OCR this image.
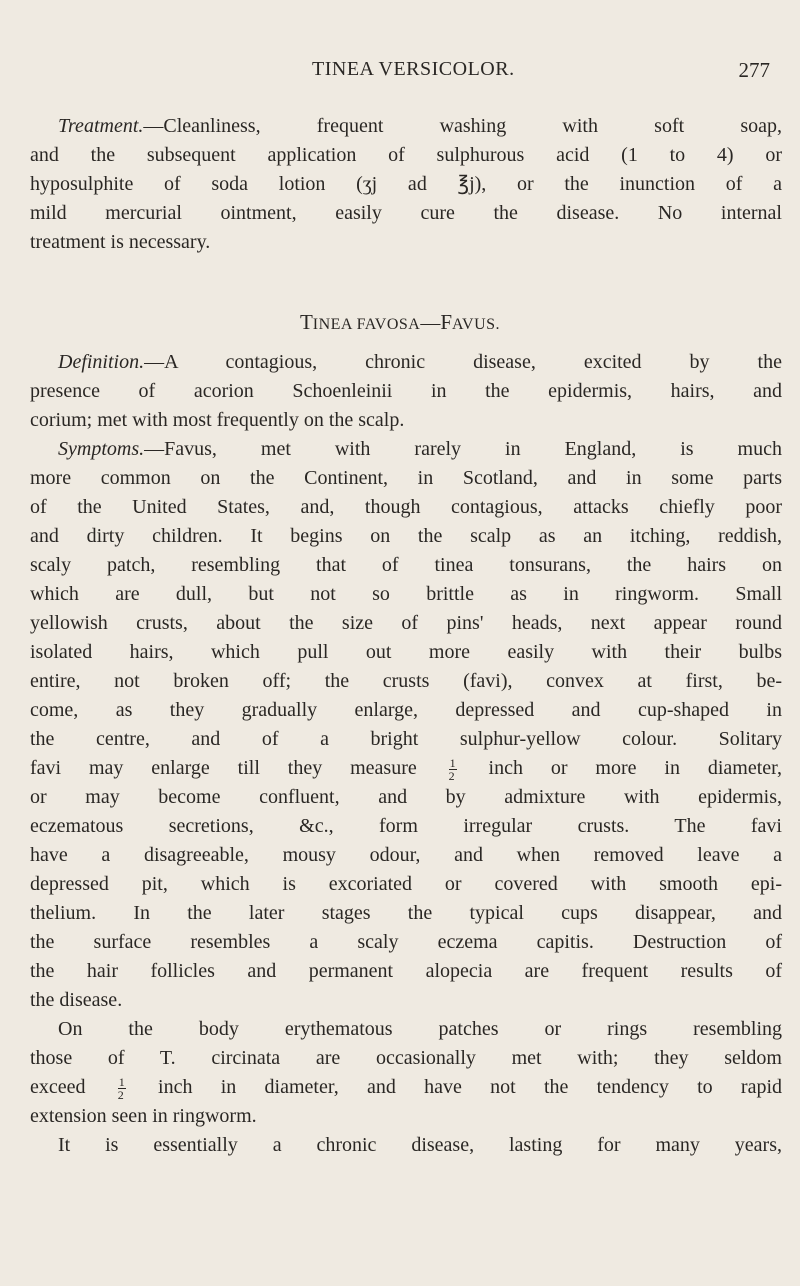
TINEA VERSICOLOR.	277
Treatment.—Cleanliness, frequent washing with soft soap,
and the subsequent application of sulphurous acid (1 to 4) or
hyposulphite of soda lotion (ʒj ad ℥j), or the inunction of a
mild mercurial ointment, easily cure the disease. No internal
treatment is necessary.
TINEA FAVOSA—FAVUS.
Definition.—A contagious, chronic disease, excited by the
presence of acorion Schoenleinii in the epidermis, hairs, and
corium; met with most frequently on the scalp.
Symptoms.—Favus, met with rarely in England, is much
more common on the Continent, in Scotland, and in some parts
of the United States, and, though contagious, attacks chiefly poor
and dirty children. It begins on the scalp as an itching, reddish,
scaly patch, resembling that of tinea tonsurans, the hairs on
which are dull, but not so brittle as in ringworm. Small
yellowish crusts, about the size of pins' heads, next appear round
isolated hairs, which pull out more easily with their bulbs
entire, not broken off; the crusts (favi), convex at first, be-
come, as they gradually enlarge, depressed and cup-shaped in
the centre, and of a bright sulphur-yellow colour. Solitary
favi may enlarge till they measure	$\frac{1}{2}$ inch or more in diameter,
or may become confluent, and by admixture with epidermis,
eczematous secretions, &c., form irregular crusts. The favi
have a disagreeable, mousy odour, and when removed leave a
depressed pit, which is excoriated or covered with smooth epi-
thelium. In the later stages the typical cups disappear, and
the surface resembles a scaly eczema capitis. Destruction of
the hair follicles and permanent alopecia are frequent results of
the disease.
On the body erythematous patches or rings resembling
those of T. circinata are occasionally met with; they seldom
exceed	$\frac{1}{2}$ inch in diameter, and have not the tendency to rapid
extension seen in ringworm.
It is essentially a chronic disease, lasting for many years,
